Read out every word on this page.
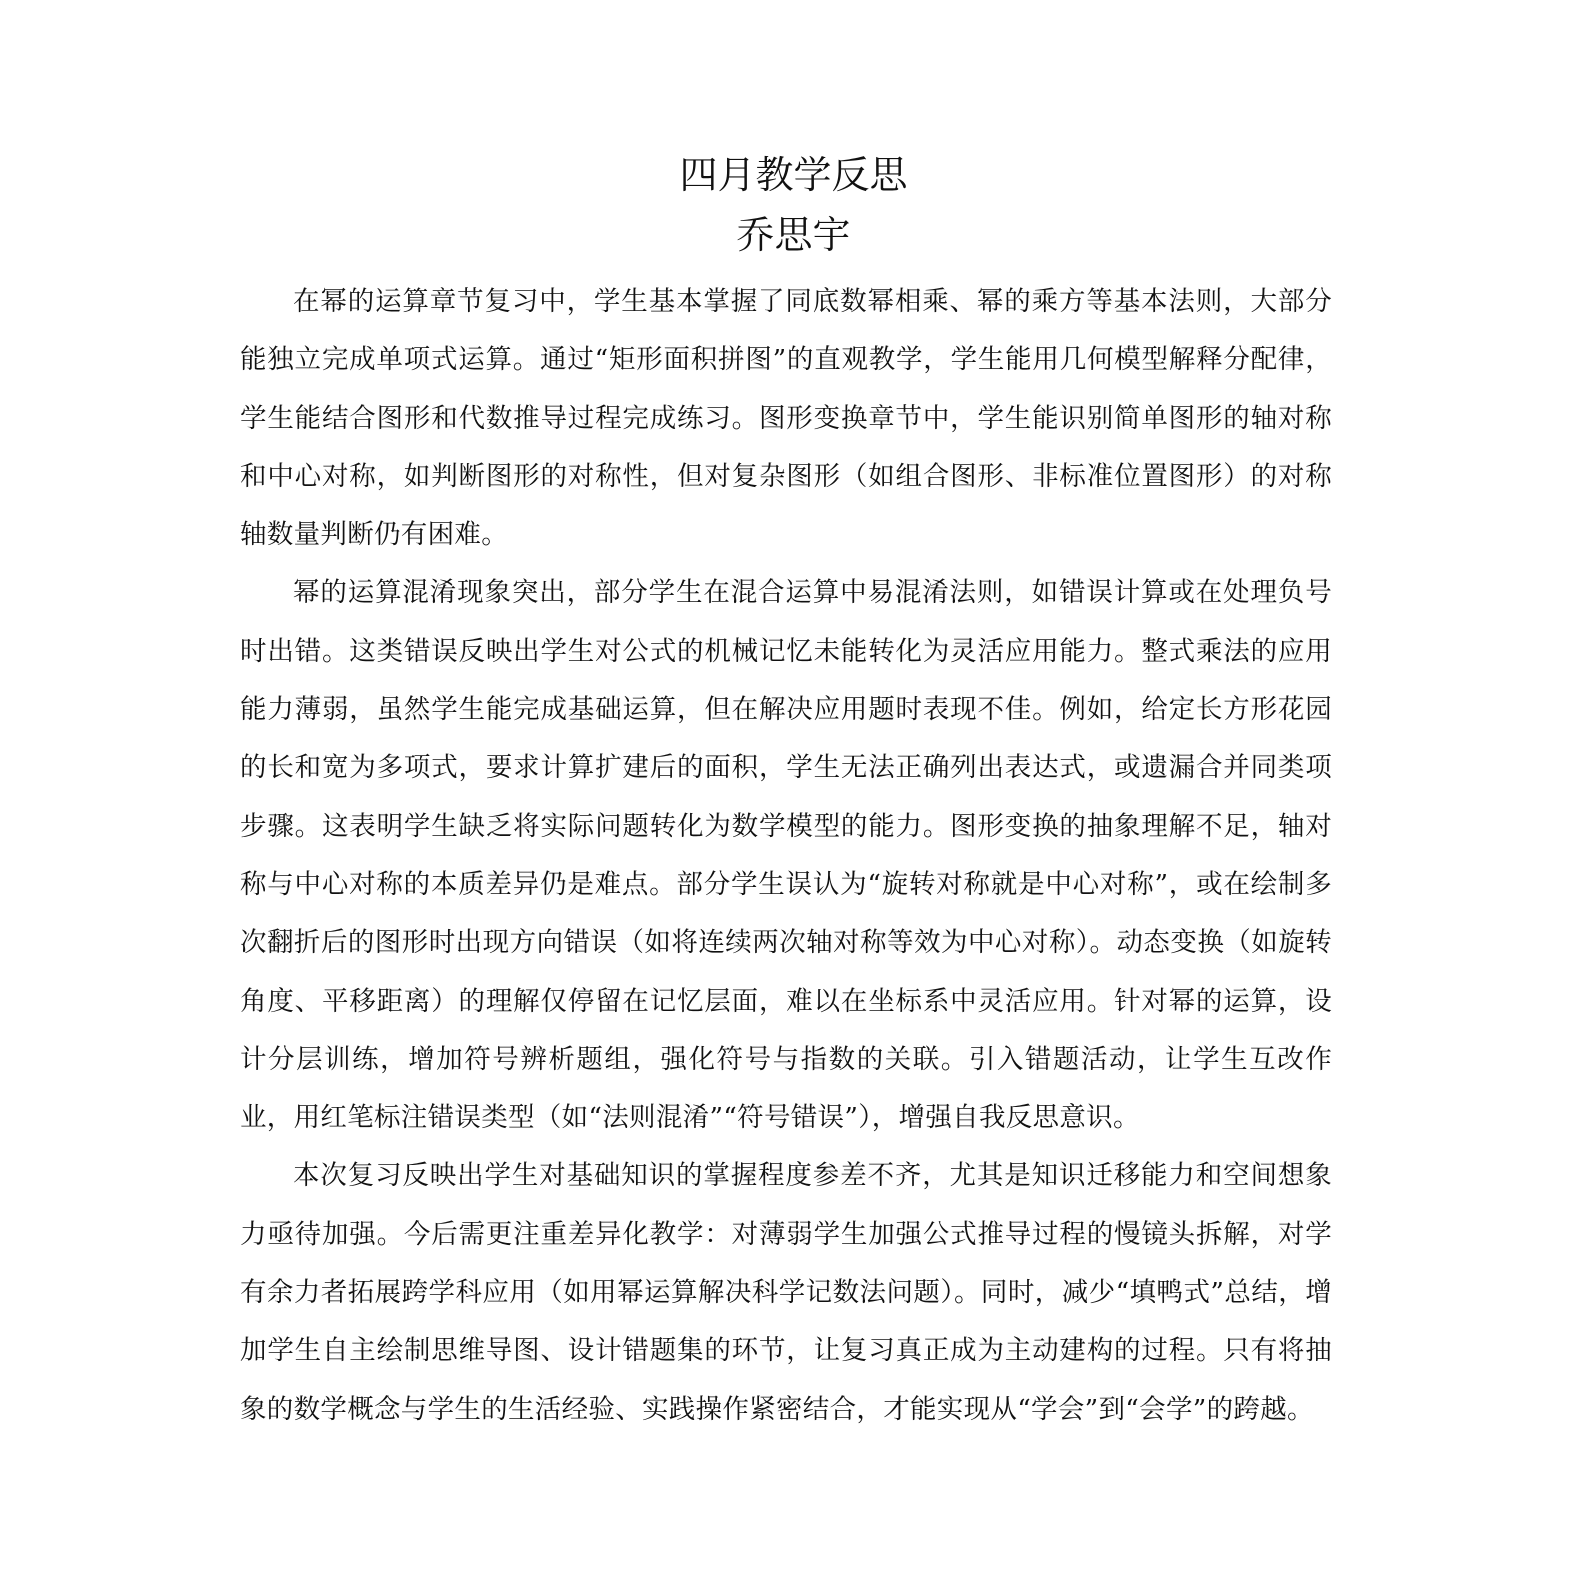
四月教学反思
乔思宇

在幂的运算章节复习中，学生基本掌握了同底数幂相乘、幂的乘方等基本法则，大部分能独立完成单项式运算。通过“矩形面积拼图”的直观教学，学生能用几何模型解释分配律，学生能结合图形和代数推导过程完成练习。图形变换章节中，学生能识别简单图形的轴对称和中心对称，如判断图形的对称性，但对复杂图形（如组合图形、非标准位置图形）的对称轴数量判断仍有困难。

幂的运算混淆现象突出，部分学生在混合运算中易混淆法则，如错误计算或在处理负号时出错。这类错误反映出学生对公式的机械记忆未能转化为灵活应用能力。整式乘法的应用能力薄弱，虽然学生能完成基础运算，但在解决应用题时表现不佳。例如，给定长方形花园的长和宽为多项式，要求计算扩建后的面积，学生无法正确列出表达式，或遗漏合并同类项步骤。这表明学生缺乏将实际问题转化为数学模型的能力。图形变换的抽象理解不足，轴对称与中心对称的本质差异仍是难点。部分学生误认为“旋转对称就是中心对称”，或在绘制多次翻折后的图形时出现方向错误（如将连续两次轴对称等效为中心对称）。动态变换（如旋转角度、平移距离）的理解仅停留在记忆层面，难以在坐标系中灵活应用。针对幂的运算，设计分层训练，增加符号辨析题组，强化符号与指数的关联。引入错题活动，让学生互改作业，用红笔标注错误类型（如“法则混淆”“符号错误”），增强自我反思意识。

本次复习反映出学生对基础知识的掌握程度参差不齐，尤其是知识迁移能力和空间想象力亟待加强。今后需更注重差异化教学：对薄弱学生加强公式推导过程的慢镜头拆解，对学有余力者拓展跨学科应用（如用幂运算解决科学记数法问题）。同时，减少“填鸭式”总结，增加学生自主绘制思维导图、设计错题集的环节，让复习真正成为主动建构的过程。只有将抽象的数学概念与学生的生活经验、实践操作紧密结合，才能实现从“学会”到“会学”的跨越。
